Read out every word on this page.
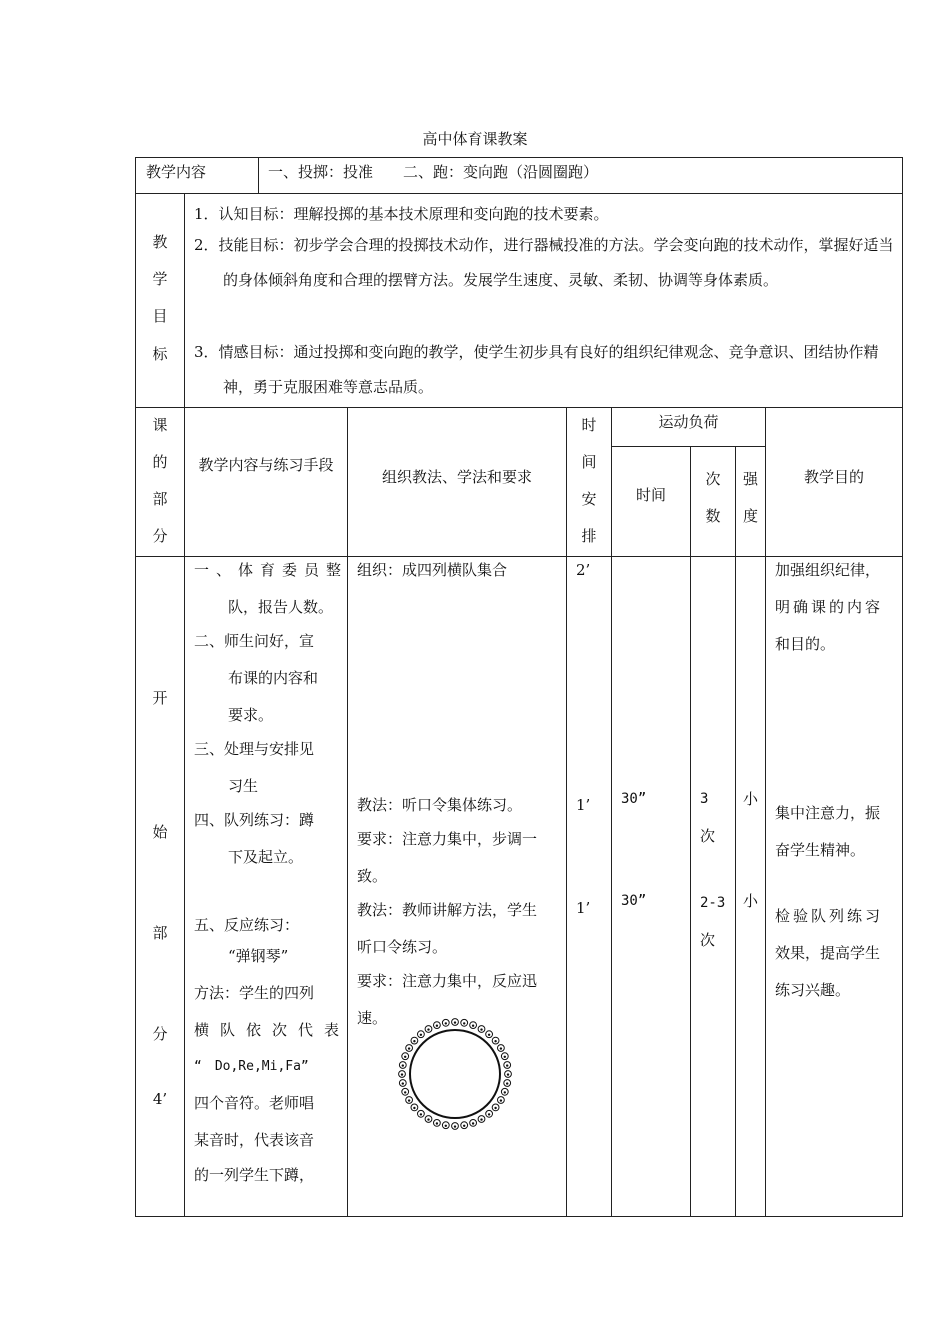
高中体育课教案
教学内容	一、投掷：投准　　二、跑：变向跑（沿圆圈跑）
教
学
目
标
1．认知目标：理解投掷的基本技术原理和变向跑的技术要素。
2．技能目标：初步学会合理的投掷技术动作，进行器械投准的方法。学会变向跑的技术动作，掌握好适当的身体倾斜角度和合理的摆臂方法。发展学生速度、灵敏、柔韧、协调等身体素质。
3．情感目标：通过投掷和变向跑的教学，使学生初步具有良好的组织纪律观念、竞争意识、团结协作精神，勇于克服困难等意志品质。
课
的
部
分
教学内容与练习手段
组织教法、学法和要求
时
间
安
排
运动负荷
时间
次
数
强
度
教学目的
开
始
部
分
4’
一、体育委员整
队，报告人数。
二、师生问好，宣
布课的内容和
要求。
三、处理与安排见
习生
四、队列练习：蹲
下及起立。
五、反应练习：
“弹钢琴”
方法：学生的四列
横队依次代表
“　Do,Re,Mi,Fa”
四个音符。老师唱
某音时，代表该音
的一列学生下蹲，
组织：成四列横队集合
教法：听口令集体练习。
要求：注意力集中，步调一
致。
教法：教师讲解方法，学生
听口令练习。
要求：注意力集中，反应迅
速。
2’
1’
1’
30”
30”
3
次
2-3
次
小
小
加强组织纪律，
明确课的内容
和目的。
集中注意力，振
奋学生精神。
检验队列练习
效果，提高学生
练习兴趣。
